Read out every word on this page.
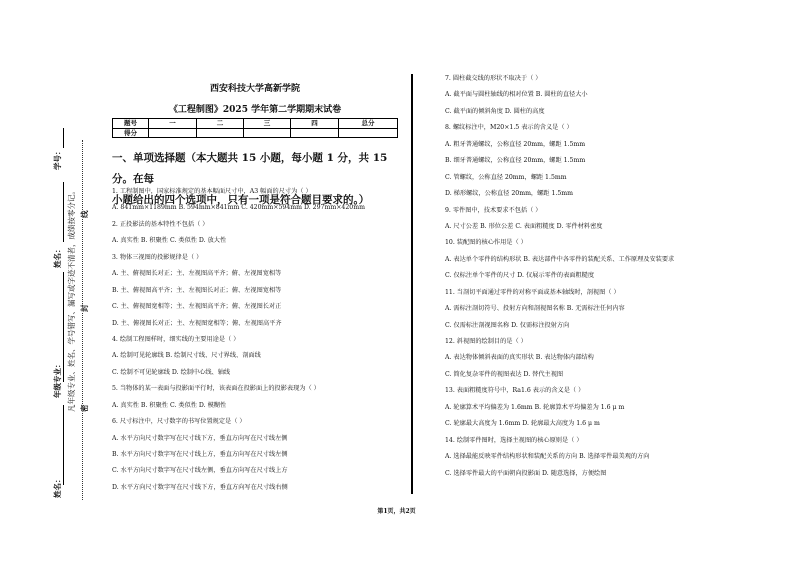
西安科技大学高新学院
《工程制图》2025 学年第二学期期末试卷
题号	一	二	三	四	总分
得分					
一、单项选择题（本大题共 15 小题，每小题 1 分，共 15 分。在每
小题给出的四个选项中，只有一项是符合题目要求的。）
1. 工程制图中，国家标准规定的基本幅面尺寸中，A3 幅面的尺寸为（ ）
A. 841mm×1189mm B. 594mm×841mm C. 420mm×594mm D. 297mm×420mm
2. 正投影法的基本特性不包括（ ）
A. 真实性 B. 积聚性 C. 类似性 D. 放大性
3. 物体三视图的投影规律是（ ）
A. 主、俯视图长对正；主、左视图高平齐；俯、左视图宽相等
B. 主、俯视图高平齐；主、左视图长对正；俯、左视图宽相等
C. 主、俯视图宽相等；主、左视图高平齐；俯、左视图长对正
D. 主、俯视图长对正；主、左视图宽相等；俯、左视图高平齐
4. 绘制工程图样时，细实线的主要用途是（ ）
A. 绘制可见轮廓线 B. 绘制尺寸线、尺寸界线、剖面线
C. 绘制不可见轮廓线 D. 绘制中心线、轴线
5. 当物体的某一表面与投影面平行时，该表面在投影面上的投影表现为（ ）
A. 真实性 B. 积聚性 C. 类似性 D. 模糊性
6. 尺寸标注中，尺寸数字的书写位置规定是（ ）
A. 水平方向尺寸数字写在尺寸线下方，垂直方向写在尺寸线左侧
B. 水平方向尺寸数字写在尺寸线上方，垂直方向写在尺寸线左侧
C. 水平方向尺寸数字写在尺寸线左侧，垂直方向写在尺寸线上方
D. 水平方向尺寸数字写在尺寸线下方，垂直方向写在尺寸线右侧
7. 圆柱截交线的形状不取决于（ ）
A. 截平面与圆柱轴线的相对位置 B. 圆柱的直径大小
C. 截平面的倾斜角度 D. 圆柱的高度
8. 螺纹标注中，M20×1.5 表示的含义是（ ）
A. 粗牙普通螺纹，公称直径 20mm，螺距 1.5mm
B. 细牙普通螺纹，公称直径 20mm，螺距 1.5mm
C. 管螺纹，公称直径 20mm，螺距 1.5mm
D. 梯形螺纹，公称直径 20mm，螺距 1.5mm
9. 零件图中，技术要求不包括（ ）
A. 尺寸公差 B. 形位公差 C. 表面粗糙度 D. 零件材料密度
10. 装配图的核心作用是（ ）
A. 表达单个零件的结构形状 B. 表达部件中各零件的装配关系、工作原理及安装要求
C. 仅标注单个零件的尺寸 D. 仅展示零件的表面粗糙度
11. 当剖切平面通过零件的对称平面或基本轴线时，剖视图（ ）
A. 需标注剖切符号、投射方向和剖视图名称 B. 无需标注任何内容
C. 仅需标注剖视图名称 D. 仅需标注投射方向
12. 斜视图的绘制目的是（ ）
A. 表达物体倾斜表面的真实形状 B. 表达物体内部结构
C. 简化复杂零件的视图表达 D. 替代主视图
13. 表面粗糙度符号中，Ra1.6 表示的含义是（ ）
A. 轮廓算术平均偏差为 1.6mm B. 轮廓算术平均偏差为 1.6 μ m
C. 轮廓最大高度为 1.6mm D. 轮廓最大高度为 1.6 μ m
14. 绘制零件图时，选择主视图的核心原则是（ ）
A. 选择最能反映零件结构形状和装配关系的方向 B. 选择零件最美观的方向
C. 选择零件最大的平面朝向投影面 D. 随意选择，方便绘图
学号：
姓名：
年级专业：
姓名：
凡年级专业、姓名、学号错写、漏写或字迹不清者，成绩按零分记。 线
封
密
第1页，共2页
